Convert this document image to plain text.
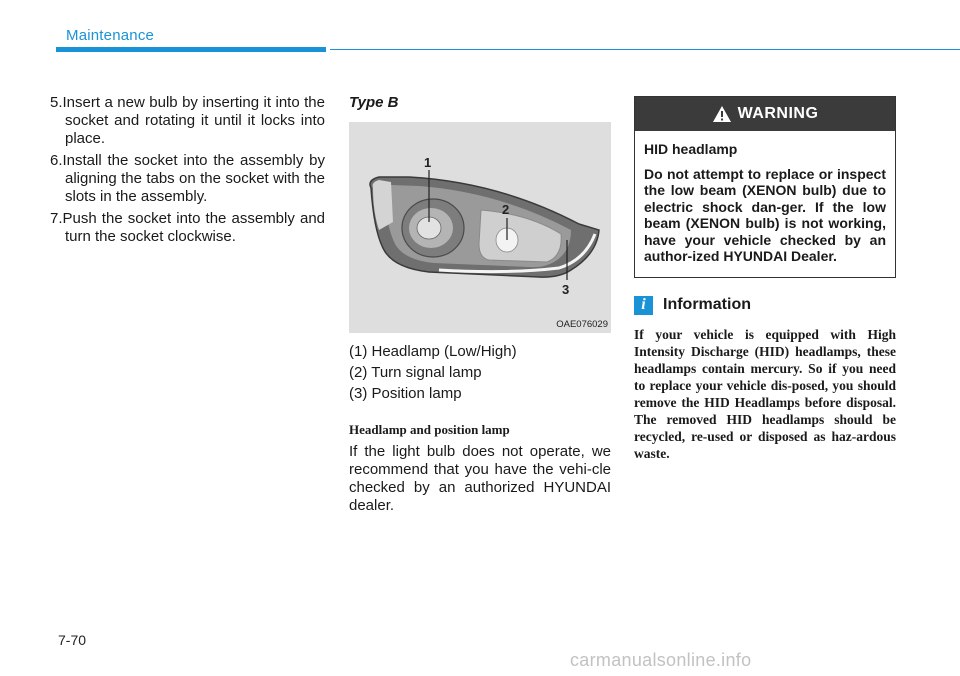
Maintenance

5.Insert a new bulb by inserting it into the socket and rotating it until it locks into place.

6.Install the socket into the assembly by aligning the tabs on the socket with the slots in the assembly.

7.Push the socket into the assembly and turn the socket clockwise.

Type B
1
2
3
OAE076029
(1) Headlamp (Low/High)
(2) Turn signal lamp
(3) Position lamp
Headlamp and position lamp

If the light bulb does not operate, we recommend that you have the vehi-cle checked by an authorized HYUNDAI dealer.

WARNING
HID headlamp
Do not attempt to replace or inspect the low beam (XENON bulb) due to electric shock dan-ger. If the low beam (XENON bulb) is not working, have your vehicle checked by an author-ized HYUNDAI Dealer.
i	Information

If your vehicle is equipped with High Intensity Discharge (HID) headlamps, these headlamps contain mercury. So if you need to replace your vehicle dis-posed, you should remove the HID Headlamps before disposal. The removed HID headlamps should be recycled, re-used or disposed as haz-ardous waste.

7-70
carmanualsonline.info
